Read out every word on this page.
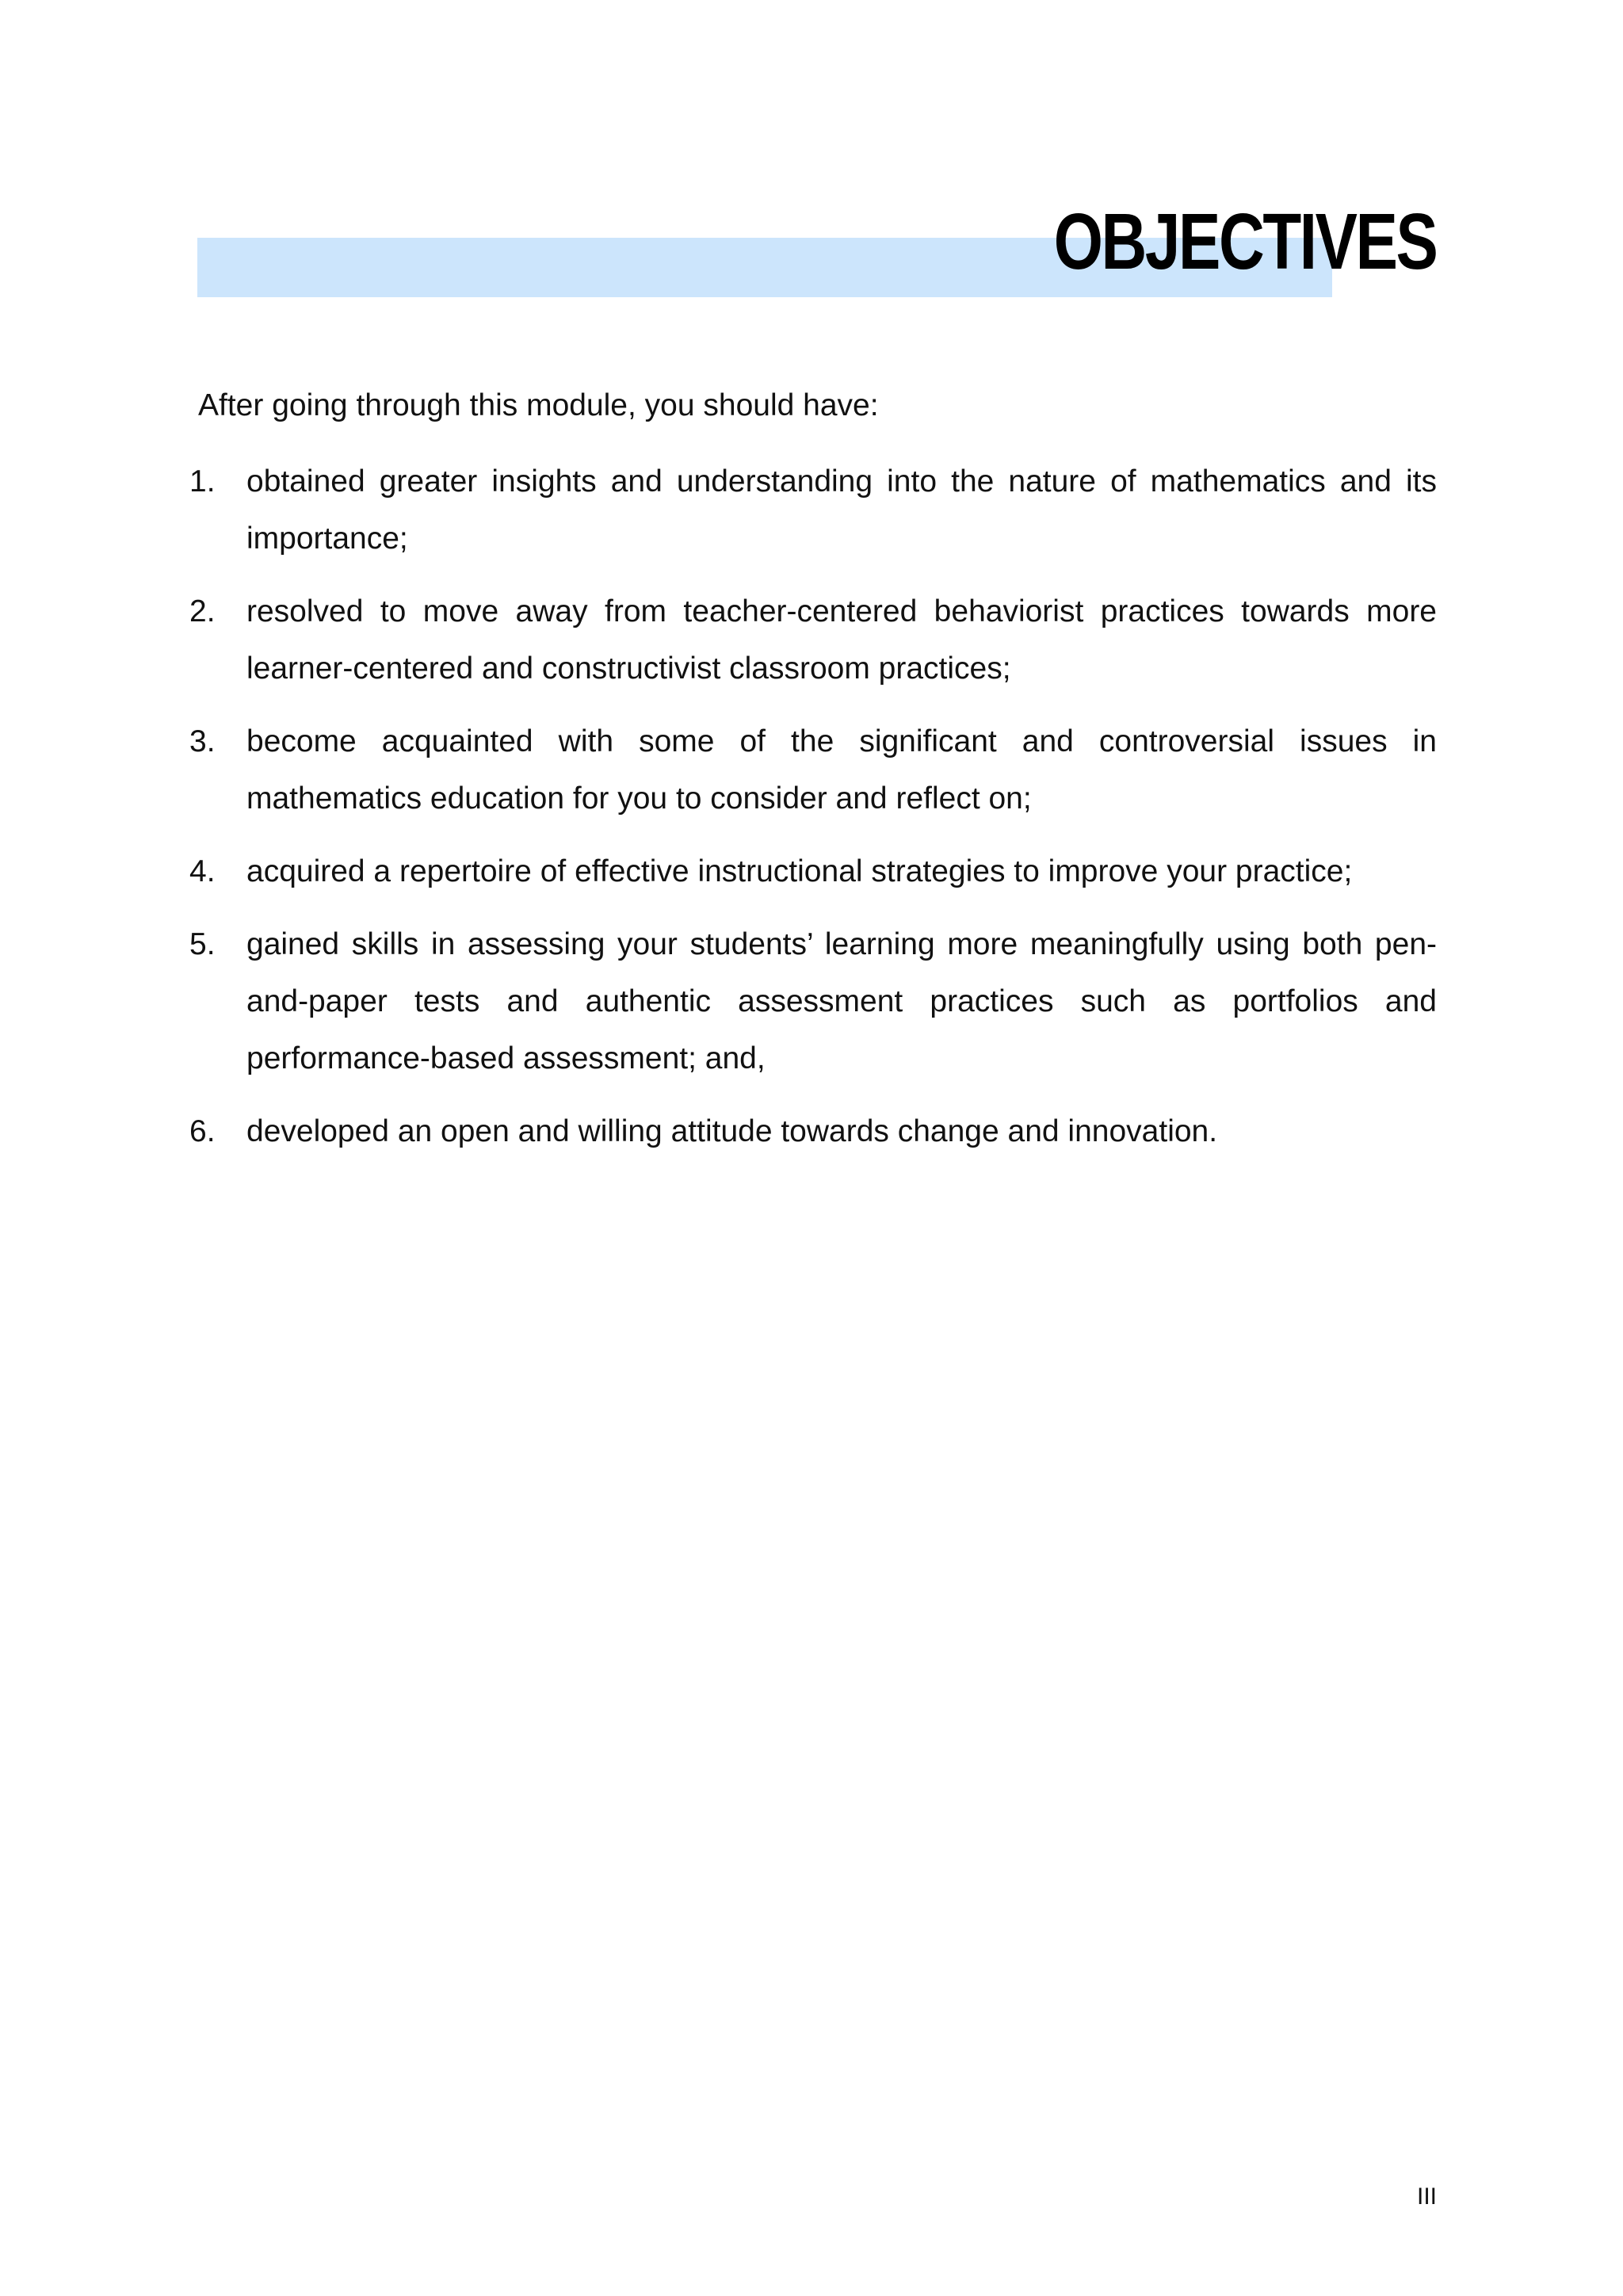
OBJECTIVES

After going through this module, you should have:

1.	obtained greater insights and understanding into the nature of mathematics and its importance;
2.	resolved to move away from teacher-centered behaviorist practices towards more learner-centered and constructivist classroom practices;
3.	become acquainted with some of the significant and controversial issues in mathematics education for you to consider and reflect on;
4.	acquired a repertoire of effective instructional strategies to improve your practice;
5.	gained skills in assessing your students’ learning more meaningfully using both pen-and-paper tests and authentic assessment practices such as portfolios and performance-based assessment; and,
6.	developed an open and willing attitude towards change and innovation.

III
